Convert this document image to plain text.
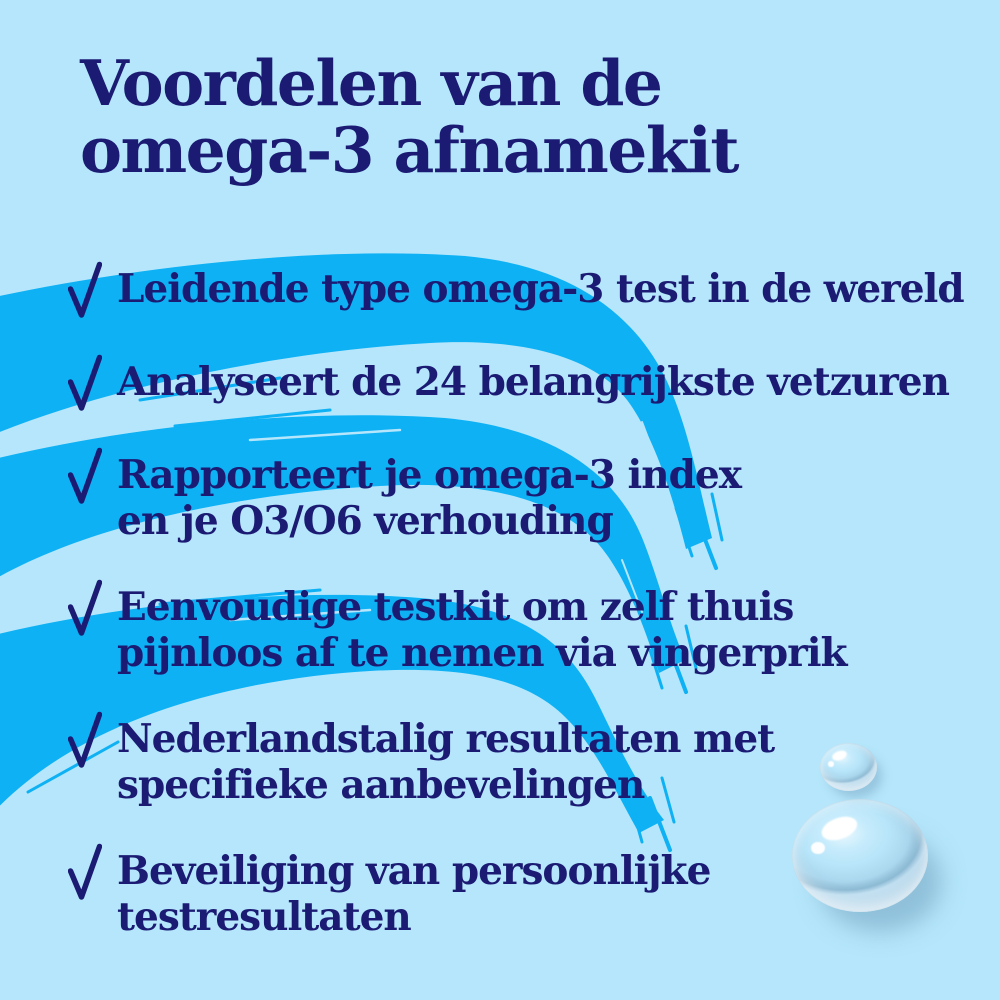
Voordelen van de
omega-3 afnamekit
Leidende type omega-3 test in de wereld
Analyseert de 24 belangrijkste vetzuren
Rapporteert je omega-3 index
en je O3/O6 verhouding
Eenvoudige testkit om zelf thuis
pijnloos af te nemen via vingerprik
Nederlandstalig resultaten met
specifieke aanbevelingen
Beveiliging van persoonlijke
testresultaten
